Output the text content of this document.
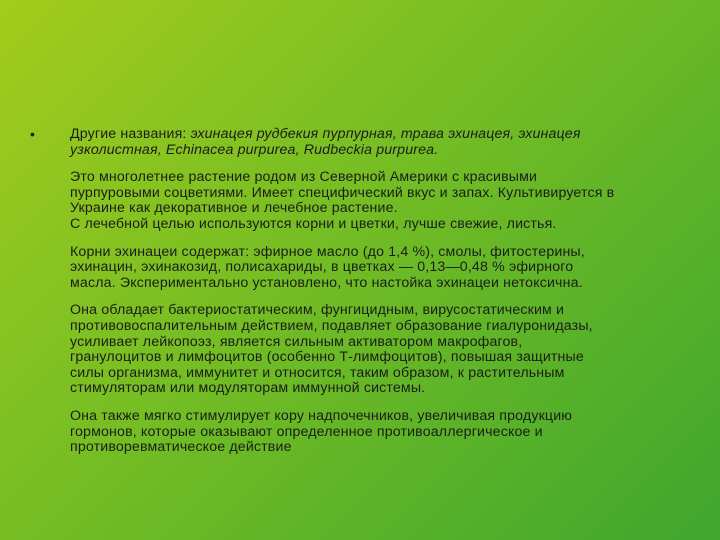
•	Другие названия: эхинацея рудбекия пурпурная, трава эхинацея, эхинацея
узколистная, Echinacea purpurea, Rudbeckia purpurea.
Это многолетнее растение родом из Северной Америки с красивыми
пурпуровыми соцветиями. Имеет специфический вкус и запах. Культивируется в
Украине как декоративное и лечебное растение.
С лечебной целью используются корни и цветки, лучше свежие, листья.
Корни эхинацеи содержат: эфирное масло (до 1,4 %), смолы, фитостерины,
эхинацин, эхинакозид, полисахариды, в цветках — 0,13—0,48 % эфирного
масла. Экспериментально установлено, что настойка эхинацеи нетоксична.
Она обладает бактериостатическим, фунгицидным, вирусостатическим и
противовоспалительным действием, подавляет образование гиалуронидазы,
усиливает лейкопоэз, является сильным активатором макрофагов,
гранулоцитов и лимфоцитов (особенно Т-лимфоцитов), повышая защитные
силы организма, иммунитет и относится, таким образом, к растительным
стимуляторам или модуляторам иммунной системы.
Она также мягко стимулирует кору надпочечников, увеличивая продукцию
гормонов, которые оказывают определенное противоаллергическое и
противоревматическое действие
